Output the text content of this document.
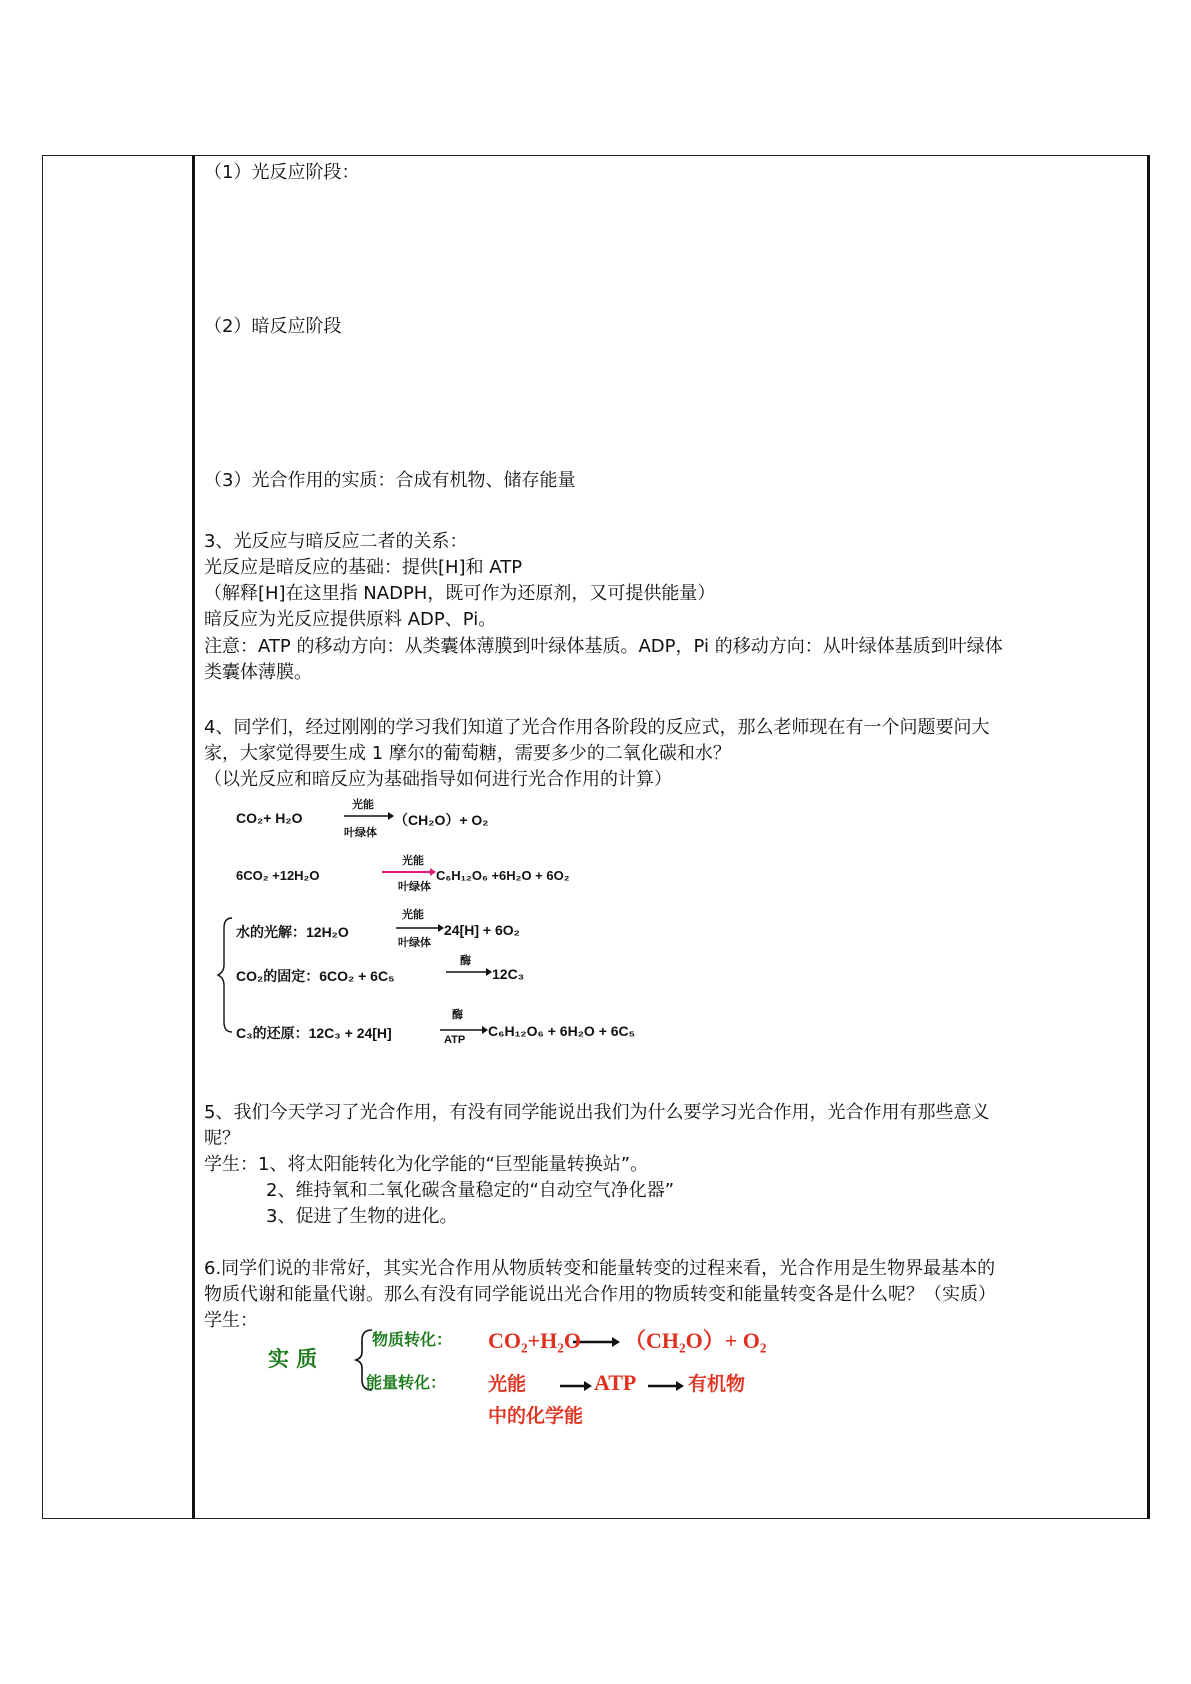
（1）光反应阶段：
（2）暗反应阶段
（3）光合作用的实质：合成有机物、储存能量
3、光反应与暗反应二者的关系：
光反应是暗反应的基础：提供[H]和 ATP
（解释[H]在这里指 NADPH，既可作为还原剂，又可提供能量）
暗反应为光反应提供原料 ADP、Pi。
注意：ATP 的移动方向：从类囊体薄膜到叶绿体基质。ADP，Pi 的移动方向：从叶绿体基质到叶绿体
类囊体薄膜。
4、同学们，经过刚刚的学习我们知道了光合作用各阶段的反应式，那么老师现在有一个问题要问大
家，大家觉得要生成 1 摩尔的葡萄糖，需要多少的二氧化碳和水？
（以光反应和暗反应为基础指导如何进行光合作用的计算）
CO₂+ H₂O
光能
叶绿体
（CH₂O）+ O₂
6CO₂ +12H₂O
光能
叶绿体
C₆H₁₂O₆ +6H₂O + 6O₂
水的光解：12H₂O
光能
叶绿体
24[H] + 6O₂
CO₂的固定：6CO₂ + 6C₅
酶
12C₃
C₃的还原：12C₃ + 24[H]
酶
ATP
C₆H₁₂O₆ + 6H₂O + 6C₅
5、我们今天学习了光合作用，有没有同学能说出我们为什么要学习光合作用，光合作用有那些意义
呢？
学生：1、将太阳能转化为化学能的“巨型能量转换站”。
2、维持氧和二氧化碳含量稳定的“自动空气净化器”
3、促进了生物的进化。
6.同学们说的非常好，其实光合作用从物质转变和能量转变的过程来看，光合作用是生物界最基本的
物质代谢和能量代谢。那么有没有同学能说出光合作用的物质转变和能量转变各是什么呢？（实质）
学生：
实 质
物质转化： CO₂+H₂O （CH₂O）+ O₂
能量转化： 光能	ATP	有机物
中的化学能
